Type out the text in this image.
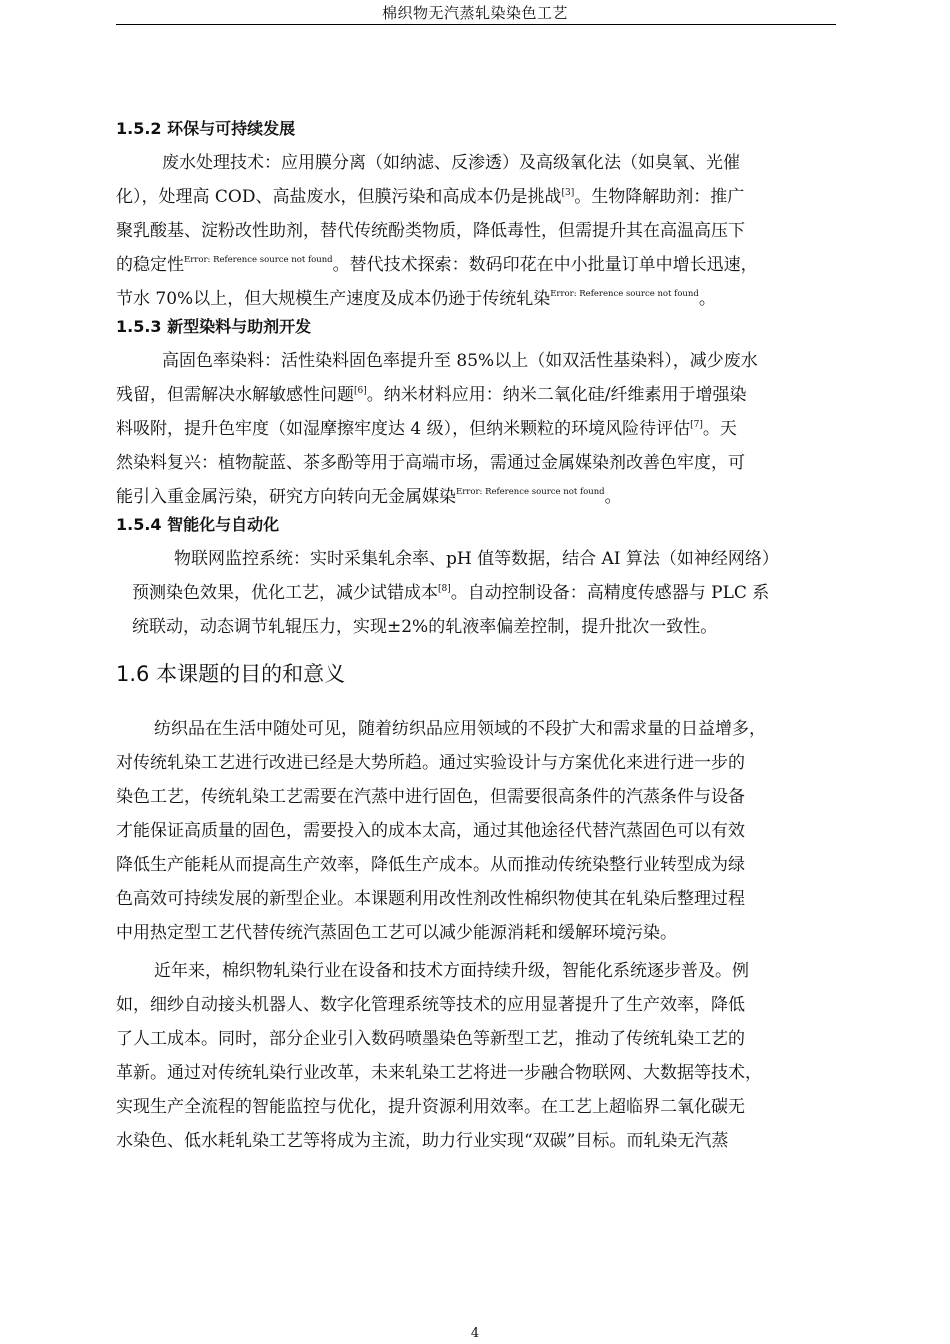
棉织物无汽蒸轧染染色工艺
1.5.2 环保与可持续发展
废水处理技术：应用膜分离（如纳滤、反渗透）及高级氧化法（如臭氧、光催
化），处理高 COD、高盐废水，但膜污染和高成本仍是挑战[3]。生物降解助剂：推广
聚乳酸基、淀粉改性助剂，替代传统酚类物质，降低毒性，但需提升其在高温高压下
的稳定性$^{Error: Reference source not found}$。替代技术探索：数码印花在中小批量订单中增长迅速，
节水 70%以上，但大规模生产速度及成本仍逊于传统轧染$^{Error: Reference source not found}$。
1.5.3 新型染料与助剂开发
高固色率染料：活性染料固色率提升至 85%以上（如双活性基染料），减少废水
残留，但需解决水解敏感性问题[6]。纳米材料应用：纳米二氧化硅/纤维素用于增强染
料吸附，提升色牢度（如湿摩擦牢度达 4 级），但纳米颗粒的环境风险待评估[7]。天
然染料复兴：植物靛蓝、茶多酚等用于高端市场，需通过金属媒染剂改善色牢度，可
能引入重金属污染，研究方向转向无金属媒染$^{Error: Reference source not found}$。
1.5.4 智能化与自动化
物联网监控系统：实时采集轧余率、pH 值等数据，结合 AI 算法（如神经网络）
预测染色效果，优化工艺，减少试错成本[8]。自动控制设备：高精度传感器与 PLC 系
统联动，动态调节轧辊压力，实现±2%的轧液率偏差控制，提升批次一致性。
1.6 本课题的目的和意义
纺织品在生活中随处可见，随着纺织品应用领域的不段扩大和需求量的日益增多，
对传统轧染工艺进行改进已经是大势所趋。通过实验设计与方案优化来进行进一步的
染色工艺，传统轧染工艺需要在汽蒸中进行固色，但需要很高条件的汽蒸条件与设备
才能保证高质量的固色，需要投入的成本太高，通过其他途径代替汽蒸固色可以有效
降低生产能耗从而提高生产效率，降低生产成本。从而推动传统染整行业转型成为绿
色高效可持续发展的新型企业。本课题利用改性剂改性棉织物使其在轧染后整理过程
中用热定型工艺代替传统汽蒸固色工艺可以减少能源消耗和缓解环境污染。
近年来，棉织物轧染行业在设备和技术方面持续升级，智能化系统逐步普及。例
如，细纱自动接头机器人、数字化管理系统等技术的应用显著提升了生产效率，降低
了人工成本。同时，部分企业引入数码喷墨染色等新型工艺，推动了传统轧染工艺的
革新。通过对传统轧染行业改革，未来轧染工艺将进一步融合物联网、大数据等技术，
实现生产全流程的智能监控与优化，提升资源利用效率。在工艺上超临界二氧化碳无
水染色、低水耗轧染工艺等将成为主流，助力行业实现“双碳”目标。而轧染无汽蒸
4
